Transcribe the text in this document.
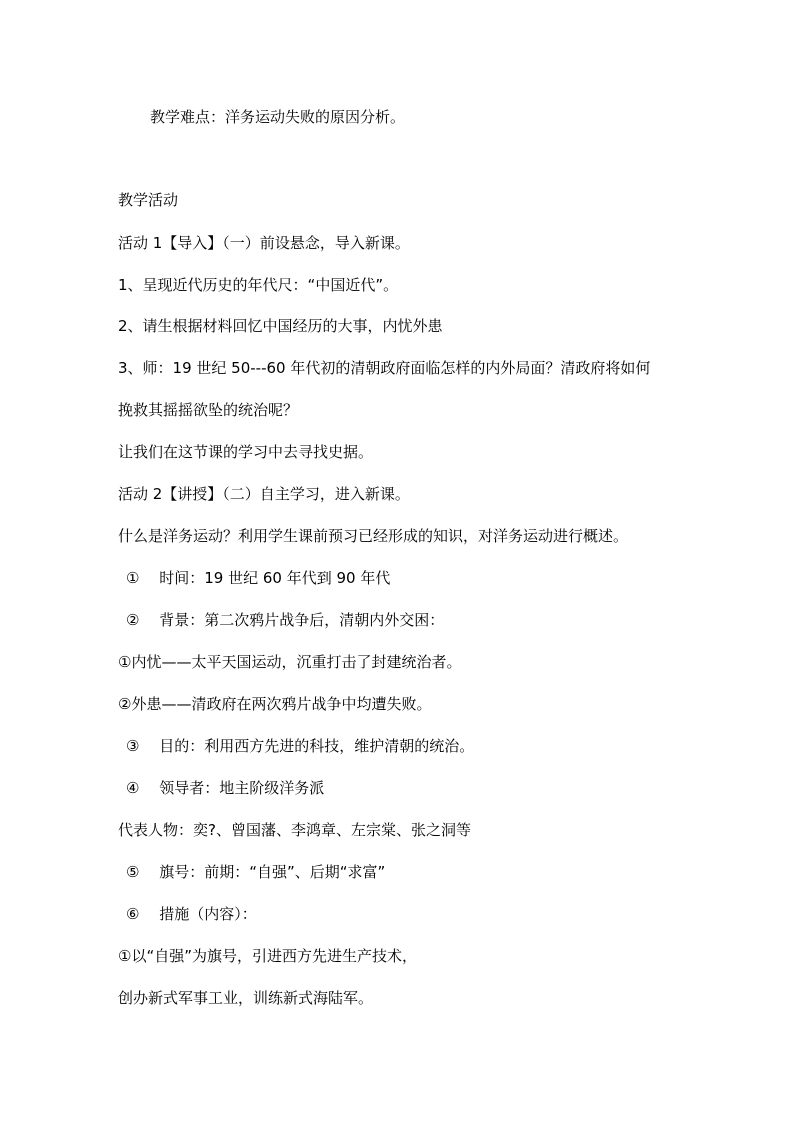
教学难点：洋务运动失败的原因分析。
教学活动
活动 1【导入】（一）前设悬念，导入新课。
1、呈现近代历史的年代尺：“中国近代”。
2、请生根据材料回忆中国经历的大事，内忧外患
3、师：19 世纪 50---60 年代初的清朝政府面临怎样的内外局面？清政府将如何
挽救其摇摇欲坠的统治呢？
让我们在这节课的学习中去寻找史据。
活动 2【讲授】（二）自主学习，进入新课。
什么是洋务运动？利用学生课前预习已经形成的知识，对洋务运动进行概述。
①　 时间：19 世纪 60 年代到 90 年代
②　 背景：第二次鸦片战争后，清朝内外交困：
①内忧——太平天国运动，沉重打击了封建统治者。
②外患——清政府在两次鸦片战争中均遭失败。
③　 目的：利用西方先进的科技，维护清朝的统治。
④　 领导者：地主阶级洋务派
代表人物：奕?、曾国藩、李鸿章、左宗棠、张之洞等
⑤　 旗号：前期：“自强”、后期“求富”
⑥　 措施（内容）：
①以“自强”为旗号，引进西方先进生产技术，
创办新式军事工业，训练新式海陆军。
